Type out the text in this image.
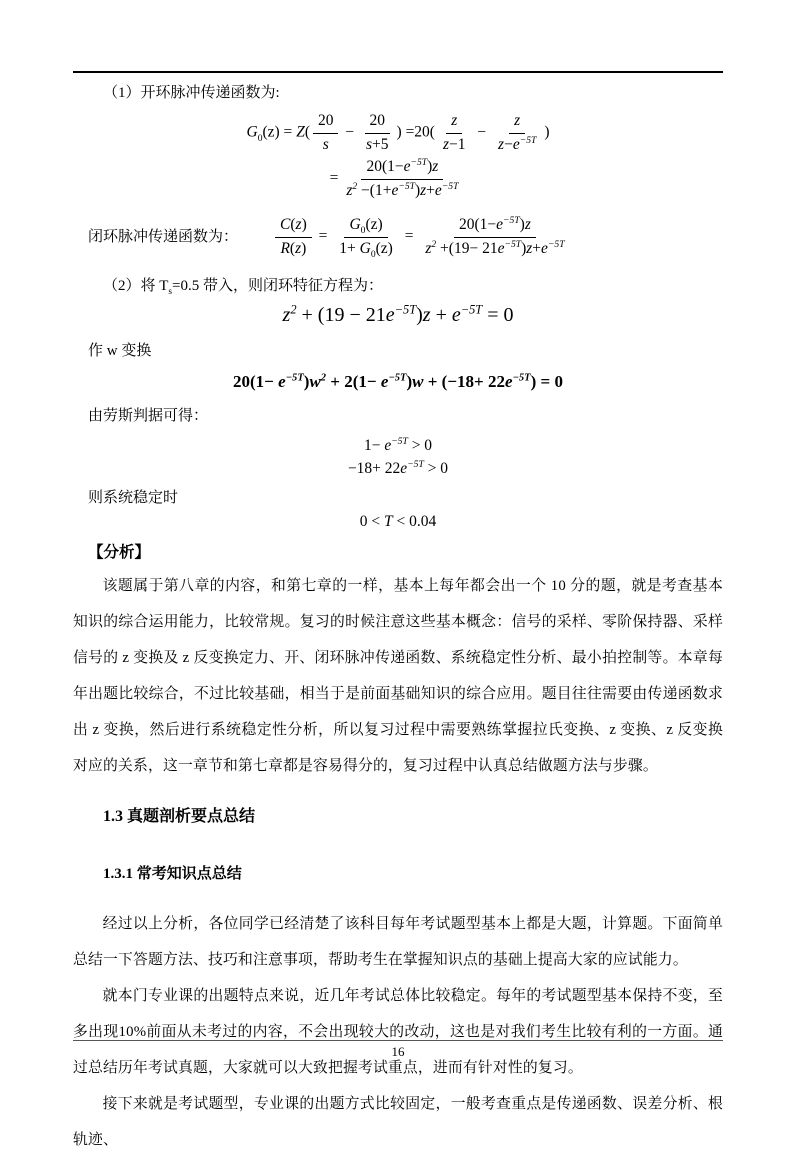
（1）开环脉冲传递函数为:

$G_0(z) = Z( \frac{20}{s} - \frac{20}{s+5}$ ) $=20( \frac{z}{z-1} - \frac{z}{z-e^{-5T}}$ )
= $\frac{20(1-e^{-5T})z}{z^2 -(1+e^{-5T})z+e^{-5T}}$
闭环脉冲传递函数为： $\frac{C(z)}{R(z)} = \frac{G_0(z)}{1+ G_0(z)} = \frac{20(1-e^{-5T})z}{z^2 +(19- 21e^{-5T})z+e^{-5T}}$

（2）将 $T_s=0.5$ 带入，则闭环特征方程为：

$z^2 + (19 - 21e^{-5T})z + e^{-5T} = 0$

作 w 变换

$20(1- e^{-5T})w^2 + 2(1- e^{-5T})w + (-18+ 22e^{-5T}) = 0$

由劳斯判据可得：

$1- e^{-5T} > 0$
$-18+ 22e^{-5T} > 0$

则系统稳定时

0 < T < 0.04

【分析】

该题属于第八章的内容，和第七章的一样，基本上每年都会出一个 10 分的题，就是考查基本知识的综合运用能力，比较常规。复习的时候注意这些基本概念：信号的采样、零阶保持器、采样信号的 z 变换及 z 反变换定力、开、闭环脉冲传递函数、系统稳定性分析、最小拍控制等。本章每年出题比较综合，不过比较基础，相当于是前面基础知识的综合应用。题目往往需要由传递函数求出 z 变换，然后进行系统稳定性分析，所以复习过程中需要熟练掌握拉氏变换、z 变换、z 反变换对应的关系，这一章节和第七章都是容易得分的，复习过程中认真总结做题方法与步骤。

1.3 真题剖析要点总结
1.3.1 常考知识点总结

经过以上分析，各位同学已经清楚了该科目每年考试题型基本上都是大题，计算题。下面简单总结一下答题方法、技巧和注意事项，帮助考生在掌握知识点的基础上提高大家的应试能力。

就本门专业课的出题特点来说，近几年考试总体比较稳定。每年的考试题型基本保持不变，至多出现10%前面从未考过的内容，不会出现较大的改动，这也是对我们考生比较有利的一方面。通过总结历年考试真题，大家就可以大致把握考试重点，进而有针对性的复习。

接下来就是考试题型，专业课的出题方式比较固定，一般考查重点是传递函数、误差分析、根轨迹、

16
